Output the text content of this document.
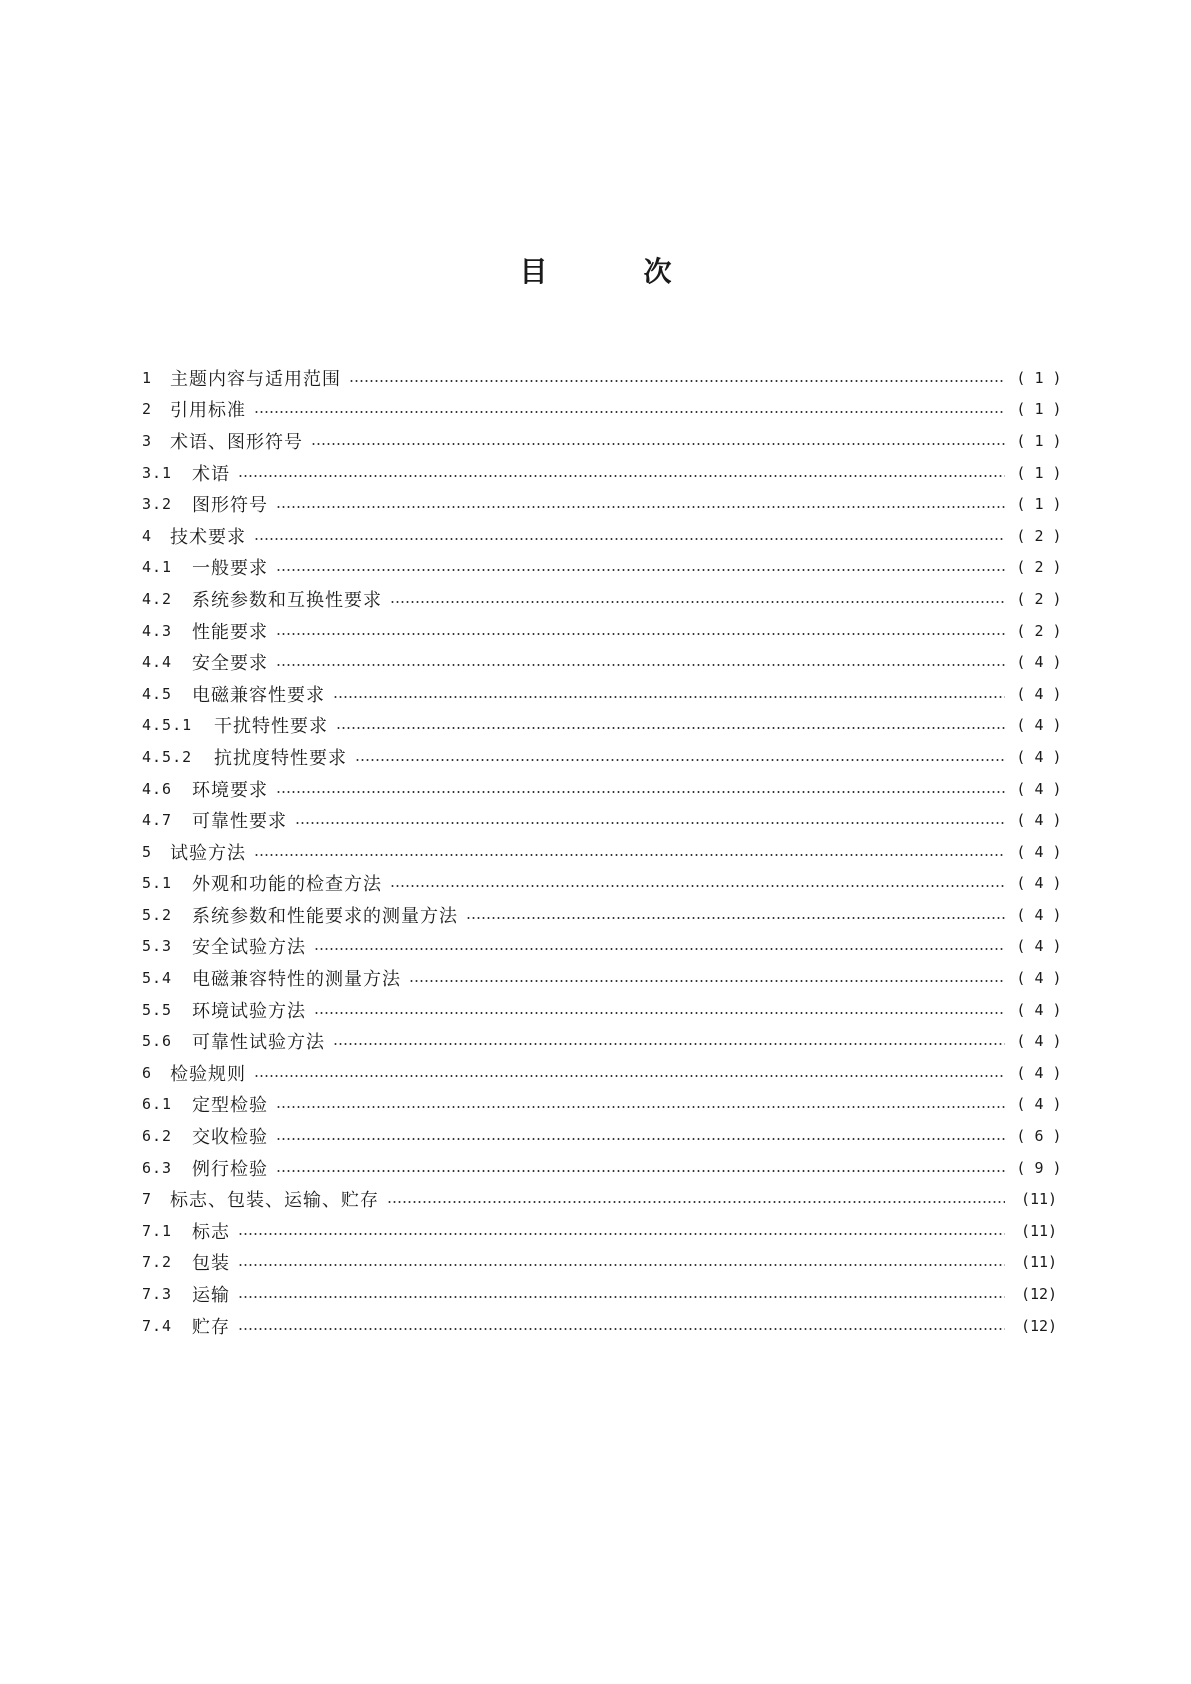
目	次
1 主题内容与适用范围	( 1 )
2 引用标准	( 1 )
3 术语、图形符号	( 1 )
3.1	术语	( 1 )
3.2	图形符号	( 1 )
4 技术要求	( 2 )
4.1	一般要求	( 2 )
4.2	系统参数和互换性要求	( 2 )
4.3	性能要求	( 2 )
4.4	安全要求	( 4 )
4.5	电磁兼容性要求	( 4 )
4.5.1	干扰特性要求	( 4 )
4.5.2	抗扰度特性要求	( 4 )
4.6	环境要求	( 4 )
4.7	可靠性要求	( 4 )
5 试验方法	( 4 )
5.1	外观和功能的检查方法	( 4 )
5.2	系统参数和性能要求的测量方法	( 4 )
5.3	安全试验方法	( 4 )
5.4	电磁兼容特性的测量方法	( 4 )
5.5	环境试验方法	( 4 )
5.6	可靠性试验方法	( 4 )
6 检验规则	( 4 )
6.1	定型检验	( 4 )
6.2	交收检验	( 6 )
6.3	例行检验	( 9 )
7 标志、包装、运输、贮存	(11)
7.1	标志	(11)
7.2	包装	(11)
7.3	运输	(12)
7.4	贮存	(12)
